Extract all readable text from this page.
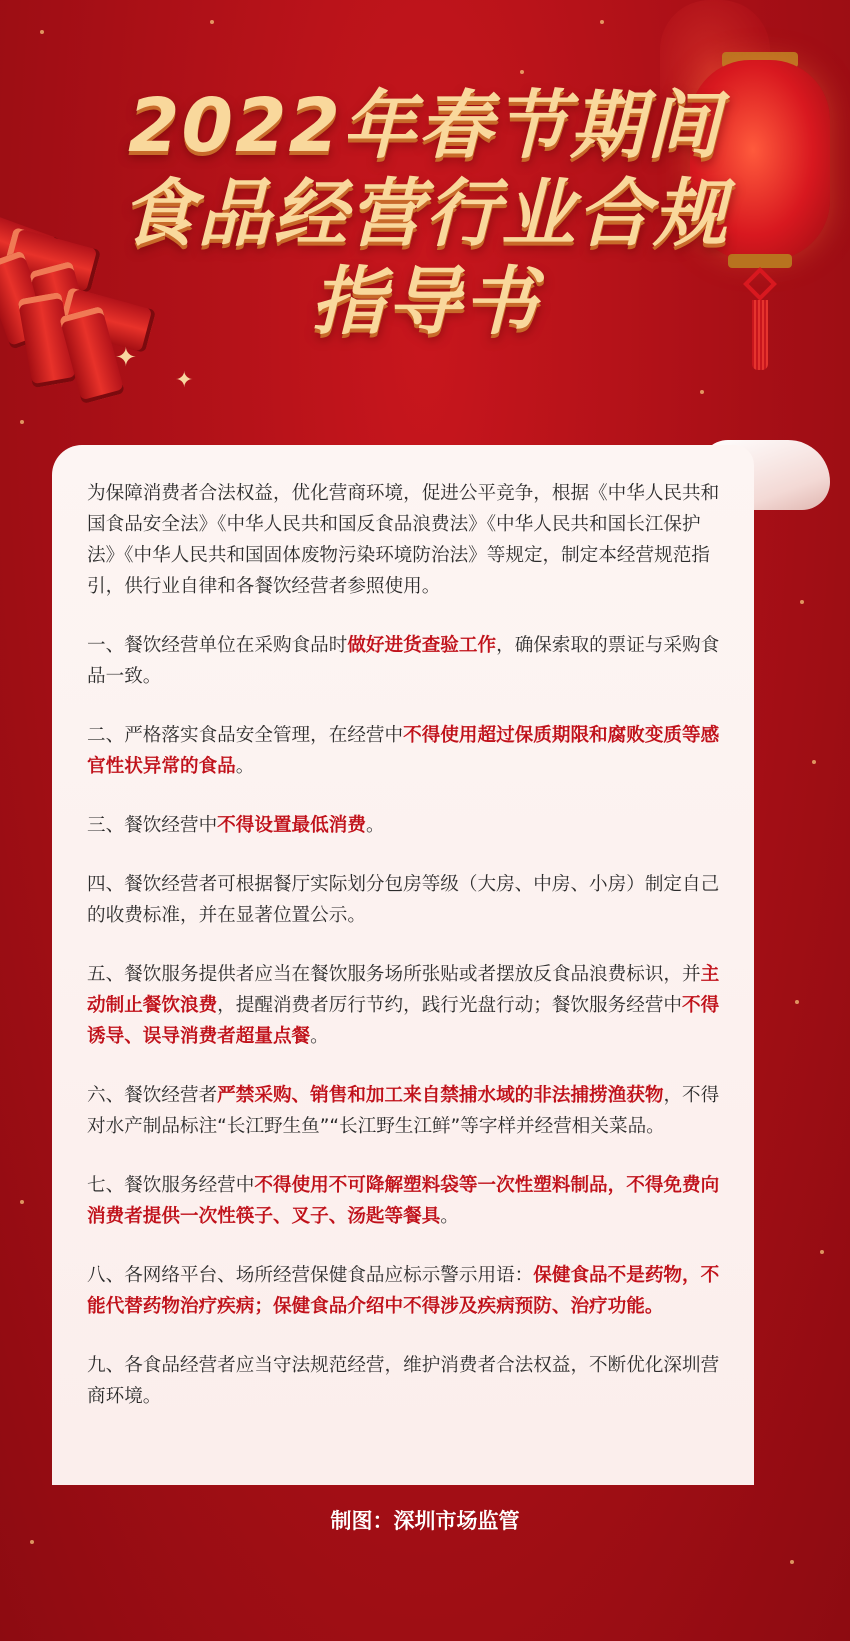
✦
✦
2022年春节期间
食品经营行业合规
指导书

为保障消费者合法权益，优化营商环境，促进公平竞争，根据《中华人民共和国食品安全法》《中华人民共和国反食品浪费法》《中华人民共和国长江保护法》《中华人民共和国固体废物污染环境防治法》等规定，制定本经营规范指引，供行业自律和各餐饮经营者参照使用。

一、餐饮经营单位在采购食品时做好进货查验工作，确保索取的票证与采购食品一致。

二、严格落实食品安全管理，在经营中不得使用超过保质期限和腐败变质等感官性状异常的食品。

三、餐饮经营中不得设置最低消费。

四、餐饮经营者可根据餐厅实际划分包房等级（大房、中房、小房）制定自己的收费标准，并在显著位置公示。

五、餐饮服务提供者应当在餐饮服务场所张贴或者摆放反食品浪费标识，并主动制止餐饮浪费，提醒消费者厉行节约，践行光盘行动；餐饮服务经营中不得诱导、误导消费者超量点餐。

六、餐饮经营者严禁采购、销售和加工来自禁捕水域的非法捕捞渔获物，不得对水产制品标注“长江野生鱼”“长江野生江鲜”等字样并经营相关菜品。

七、餐饮服务经营中不得使用不可降解塑料袋等一次性塑料制品，不得免费向消费者提供一次性筷子、叉子、汤匙等餐具。

八、各网络平台、场所经营保健食品应标示警示用语：保健食品不是药物，不能代替药物治疗疾病；保健食品介绍中不得涉及疾病预防、治疗功能。

九、各食品经营者应当守法规范经营，维护消费者合法权益，不断优化深圳营商环境。

制图：深圳市场监管
